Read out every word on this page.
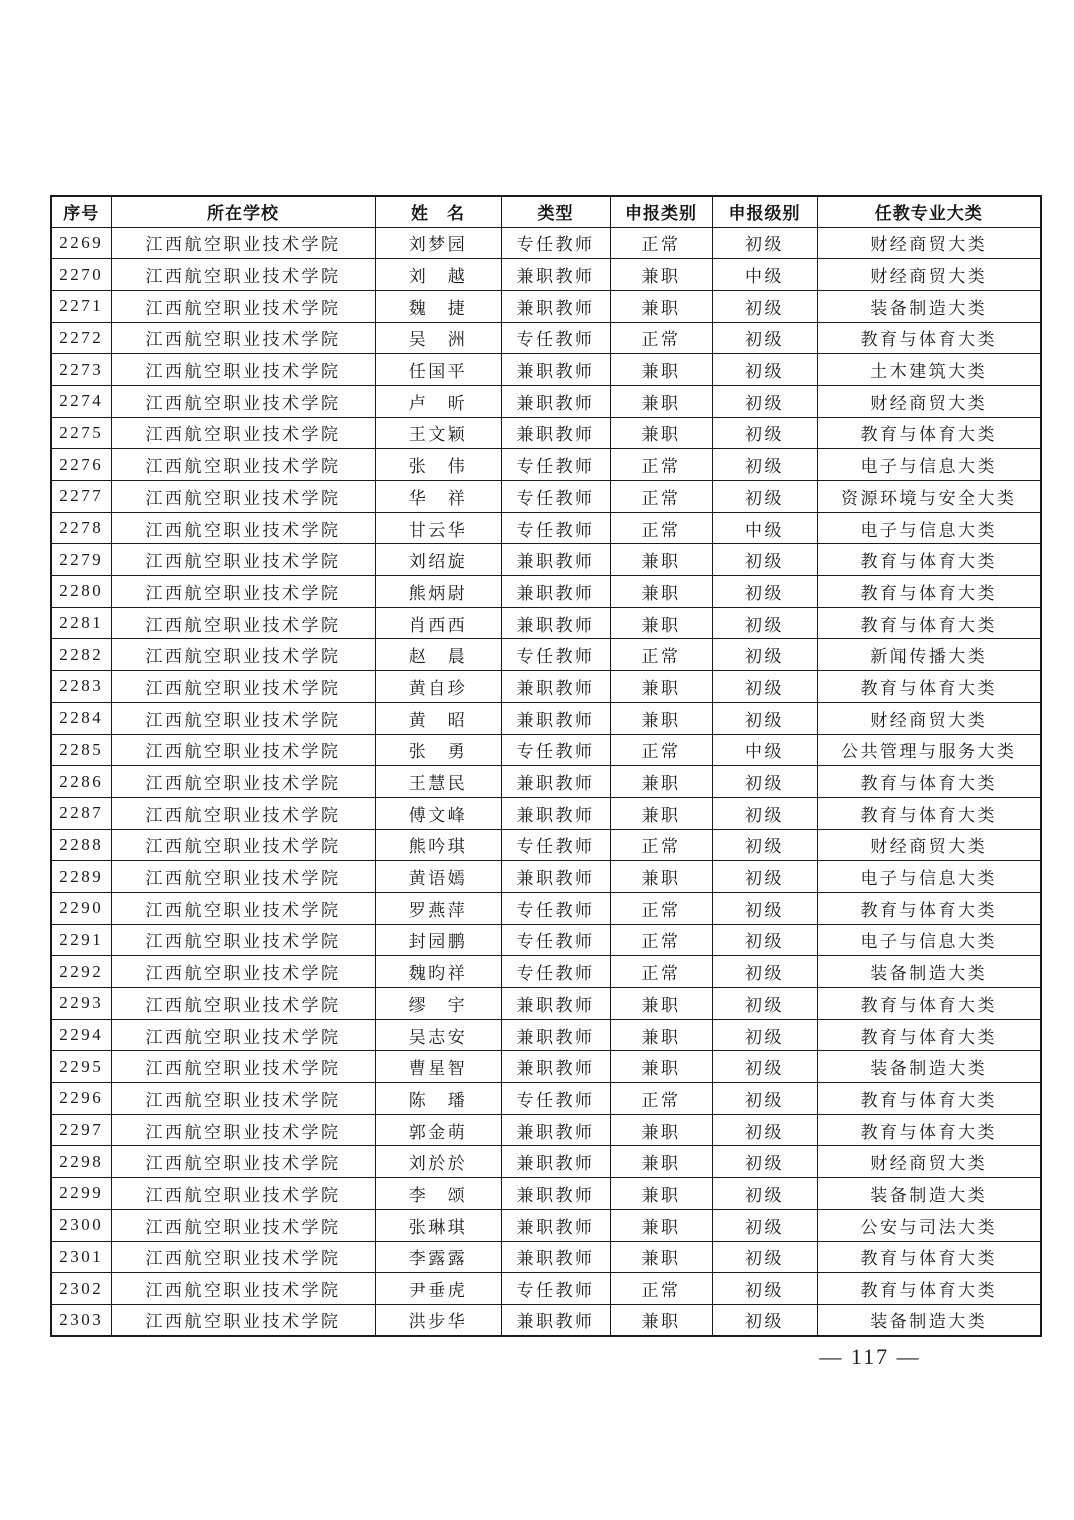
序号	所在学校	姓　名	类型	申报类别	申报级别	任教专业大类
2269	江西航空职业技术学院	刘梦园	专任教师	正常	初级	财经商贸大类
2270	江西航空职业技术学院	刘　越	兼职教师	兼职	中级	财经商贸大类
2271	江西航空职业技术学院	魏　捷	兼职教师	兼职	初级	装备制造大类
2272	江西航空职业技术学院	吴　洲	专任教师	正常	初级	教育与体育大类
2273	江西航空职业技术学院	任国平	兼职教师	兼职	初级	土木建筑大类
2274	江西航空职业技术学院	卢　昕	兼职教师	兼职	初级	财经商贸大类
2275	江西航空职业技术学院	王文颖	兼职教师	兼职	初级	教育与体育大类
2276	江西航空职业技术学院	张　伟	专任教师	正常	初级	电子与信息大类
2277	江西航空职业技术学院	华　祥	专任教师	正常	初级	资源环境与安全大类
2278	江西航空职业技术学院	甘云华	专任教师	正常	中级	电子与信息大类
2279	江西航空职业技术学院	刘绍旋	兼职教师	兼职	初级	教育与体育大类
2280	江西航空职业技术学院	熊炳尉	兼职教师	兼职	初级	教育与体育大类
2281	江西航空职业技术学院	肖西西	兼职教师	兼职	初级	教育与体育大类
2282	江西航空职业技术学院	赵　晨	专任教师	正常	初级	新闻传播大类
2283	江西航空职业技术学院	黄自珍	兼职教师	兼职	初级	教育与体育大类
2284	江西航空职业技术学院	黄　昭	兼职教师	兼职	初级	财经商贸大类
2285	江西航空职业技术学院	张　勇	专任教师	正常	中级	公共管理与服务大类
2286	江西航空职业技术学院	王慧民	兼职教师	兼职	初级	教育与体育大类
2287	江西航空职业技术学院	傅文峰	兼职教师	兼职	初级	教育与体育大类
2288	江西航空职业技术学院	熊吟琪	专任教师	正常	初级	财经商贸大类
2289	江西航空职业技术学院	黄语嫣	兼职教师	兼职	初级	电子与信息大类
2290	江西航空职业技术学院	罗燕萍	专任教师	正常	初级	教育与体育大类
2291	江西航空职业技术学院	封园鹏	专任教师	正常	初级	电子与信息大类
2292	江西航空职业技术学院	魏昀祥	专任教师	正常	初级	装备制造大类
2293	江西航空职业技术学院	缪　宇	兼职教师	兼职	初级	教育与体育大类
2294	江西航空职业技术学院	吴志安	兼职教师	兼职	初级	教育与体育大类
2295	江西航空职业技术学院	曹星智	兼职教师	兼职	初级	装备制造大类
2296	江西航空职业技术学院	陈　璠	专任教师	正常	初级	教育与体育大类
2297	江西航空职业技术学院	郭金萌	兼职教师	兼职	初级	教育与体育大类
2298	江西航空职业技术学院	刘於於	兼职教师	兼职	初级	财经商贸大类
2299	江西航空职业技术学院	李　颂	兼职教师	兼职	初级	装备制造大类
2300	江西航空职业技术学院	张琳琪	兼职教师	兼职	初级	公安与司法大类
2301	江西航空职业技术学院	李露露	兼职教师	兼职	初级	教育与体育大类
2302	江西航空职业技术学院	尹垂虎	专任教师	正常	初级	教育与体育大类
2303	江西航空职业技术学院	洪步华	兼职教师	兼职	初级	装备制造大类
— 117 —
